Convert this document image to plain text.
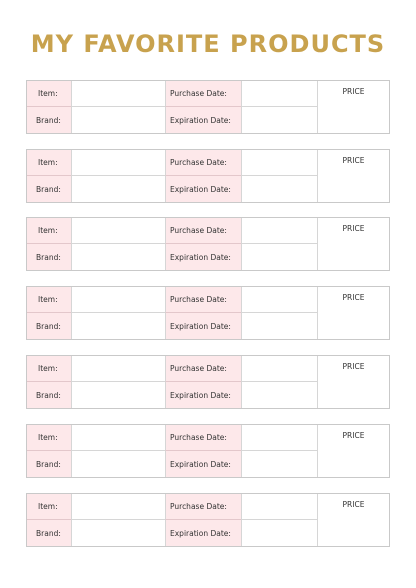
MY FAVORITE PRODUCTS
Item:	Purchase Date:
Brand:	Expiration Date:
PRICE
Item:	Purchase Date:
Brand:	Expiration Date:
PRICE
Item:	Purchase Date:
Brand:	Expiration Date:
PRICE
Item:	Purchase Date:
Brand:	Expiration Date:
PRICE
Item:	Purchase Date:
Brand:	Expiration Date:
PRICE
Item:	Purchase Date:
Brand:	Expiration Date:
PRICE
Item:	Purchase Date:
Brand:	Expiration Date:
PRICE
